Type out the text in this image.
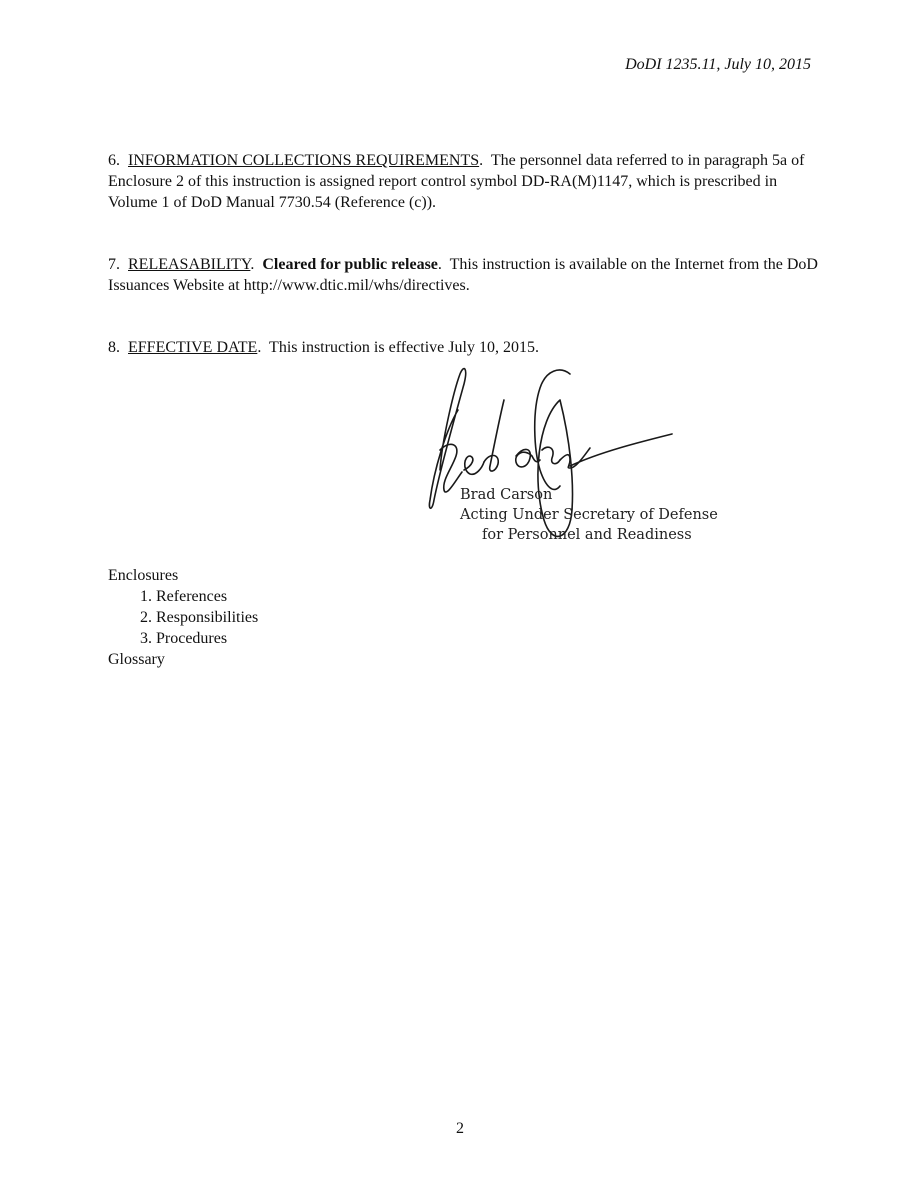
DoDI 1235.11, July 10, 2015

6. INFORMATION COLLECTIONS REQUIREMENTS.  The personnel data referred to in paragraph 5a of Enclosure 2 of this instruction is assigned report control symbol DD-RA(M)1147, which is prescribed in Volume 1 of DoD Manual 7730.54 (Reference (c)).

7. RELEASABILITY.  Cleared for public release.  This instruction is available on the Internet from the DoD Issuances Website at http://www.dtic.mil/whs/directives.

8. EFFECTIVE DATE.  This instruction is effective July 10, 2015.

Brad Carson
Acting Under Secretary of Defense
for Personnel and Readiness
Enclosures
1. References
2. Responsibilities
3. Procedures
Glossary
2
